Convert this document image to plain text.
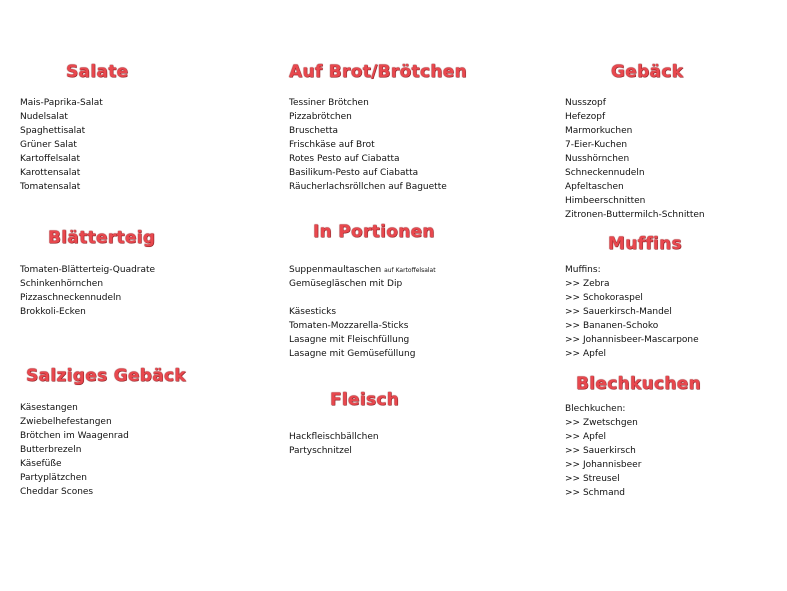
Salate
Mais-Paprika-Salat
Nudelsalat
Spaghettisalat
Grüner Salat
Kartoffelsalat
Karottensalat
Tomatensalat
Blätterteig
Tomaten-Blätterteig-Quadrate
Schinkenhörnchen
Pizzaschneckennudeln
Brokkoli-Ecken
Salziges Gebäck
Käsestangen
Zwiebelhefestangen
Brötchen im Waagenrad
Butterbrezeln
Käsefüße
Partyplätzchen
Cheddar Scones
Auf Brot/Brötchen
Tessiner Brötchen
Pizzabrötchen
Bruschetta
Frischkäse auf Brot
Rotes Pesto auf Ciabatta
Basilikum-Pesto auf Ciabatta
Räucherlachsröllchen auf Baguette
In Portionen
Suppenmaultaschen auf Kartoffelsalat
Gemüsegläschen mit Dip
Käsesticks
Tomaten-Mozzarella-Sticks
Lasagne mit Fleischfüllung
Lasagne mit Gemüsefüllung
Fleisch
Hackfleischbällchen
Partyschnitzel
Gebäck
Nusszopf
Hefezopf
Marmorkuchen
7-Eier-Kuchen
Nusshörnchen
Schneckennudeln
Apfeltaschen
Himbeerschnitten
Zitronen-Buttermilch-Schnitten
Muffins
Muffins:
>> Zebra
>> Schokoraspel
>> Sauerkirsch-Mandel
>> Bananen-Schoko
>> Johannisbeer-Mascarpone
>> Apfel
Blechkuchen
Blechkuchen:
>> Zwetschgen
>> Apfel
>> Sauerkirsch
>> Johannisbeer
>> Streusel
>> Schmand
